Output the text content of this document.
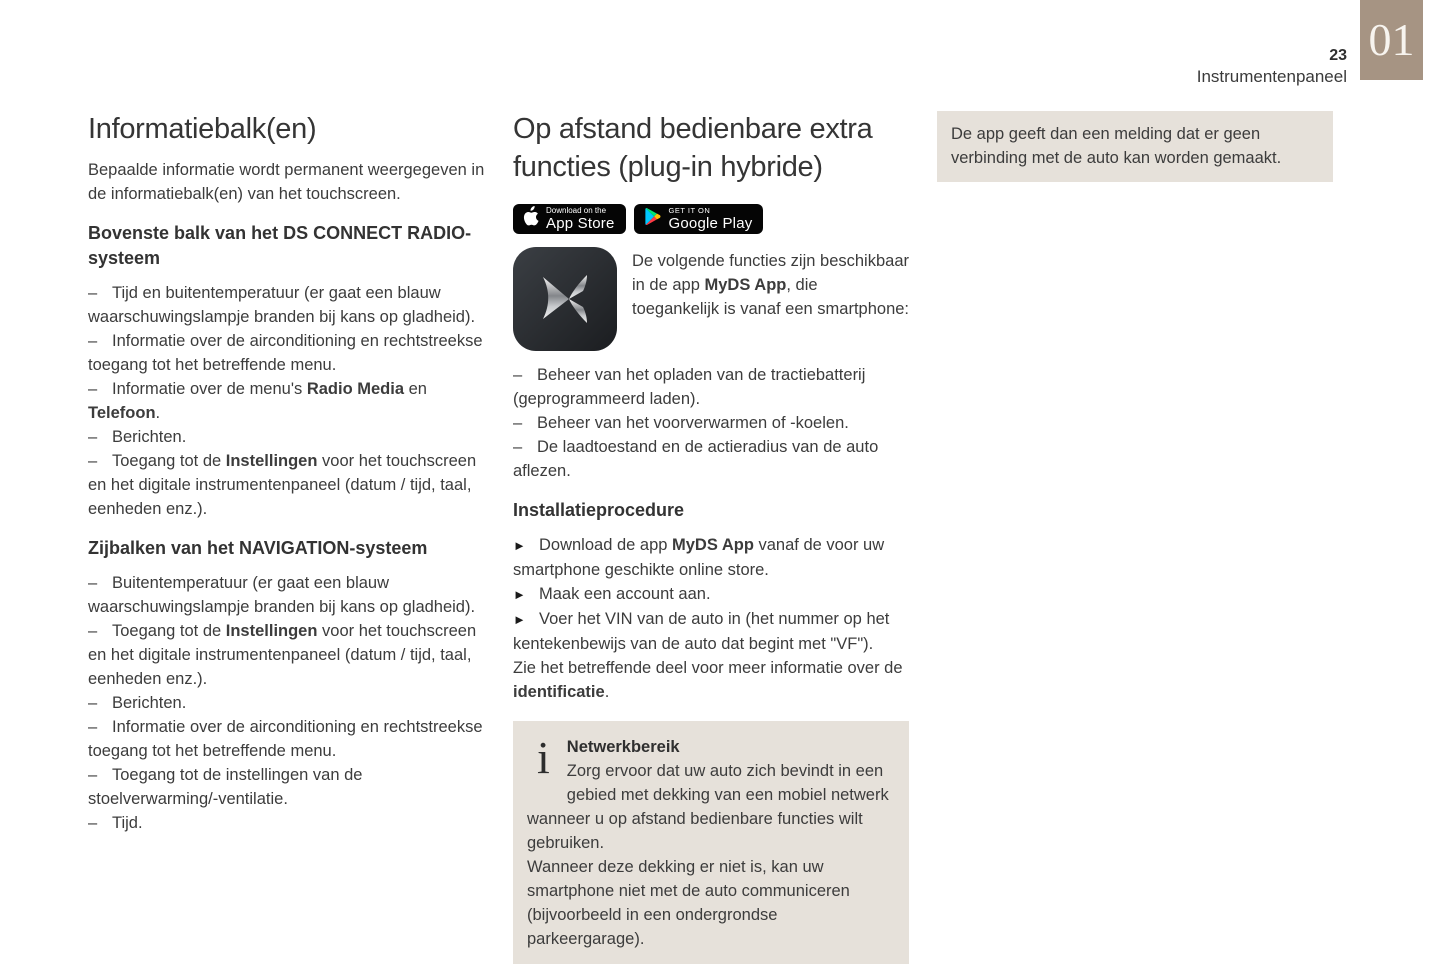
23
Instrumentenpaneel
01
Informatiebalk(en)

Bepaalde informatie wordt permanent weergegeven in de informatiebalk(en) van het touchscreen.

Bovenste balk van het DS CONNECT RADIO-systeem

– Tijd en buitentemperatuur (er gaat een blauw waarschuwingslampje branden bij kans op gladheid).

– Informatie over de airconditioning en rechtstreekse toegang tot het betreffende menu.

– Informatie over de menu's Radio Media en Telefoon.

– Berichten.

– Toegang tot de Instellingen voor het touchscreen en het digitale instrumentenpaneel (datum / tijd, taal, eenheden enz.).

Zijbalken van het NAVIGATION-systeem

– Buitentemperatuur (er gaat een blauw waarschuwingslampje branden bij kans op gladheid).

– Toegang tot de Instellingen voor het touchscreen en het digitale instrumentenpaneel (datum / tijd, taal, eenheden enz.).

– Berichten.

– Informatie over de airconditioning en rechtstreekse toegang tot het betreffende menu.

– Toegang tot de instellingen van de stoelverwarming/-ventilatie.

– Tijd.

Op afstand bedienbare extra functies (plug-in hybride)
Download on the
App Store
GET IT ON
Google Play

De volgende functies zijn beschikbaar in de app MyDS App, die toegankelijk is vanaf een smartphone:

– Beheer van het opladen van de tractiebatterij (geprogrammeerd laden).

– Beheer van het voorverwarmen of -koelen.

– De laadtoestand en de actieradius van de auto aflezen.

Installatieprocedure

► Download de app MyDS App vanaf de voor uw smartphone geschikte online store.

► Maak een account aan.

► Voer het VIN van de auto in (het nummer op het kentekenbewijs van de auto dat begint met "VF").

Zie het betreffende deel voor meer informatie over de identificatie.

i	Netwerkbereik

Zorg ervoor dat uw auto zich bevindt in een gebied met dekking van een mobiel netwerk wanneer u op afstand bedienbare functies wilt gebruiken.

Wanneer deze dekking er niet is, kan uw smartphone niet met de auto communiceren (bijvoorbeeld in een ondergrondse parkeergarage).

De app geeft dan een melding dat er geen verbinding met de auto kan worden gemaakt.
